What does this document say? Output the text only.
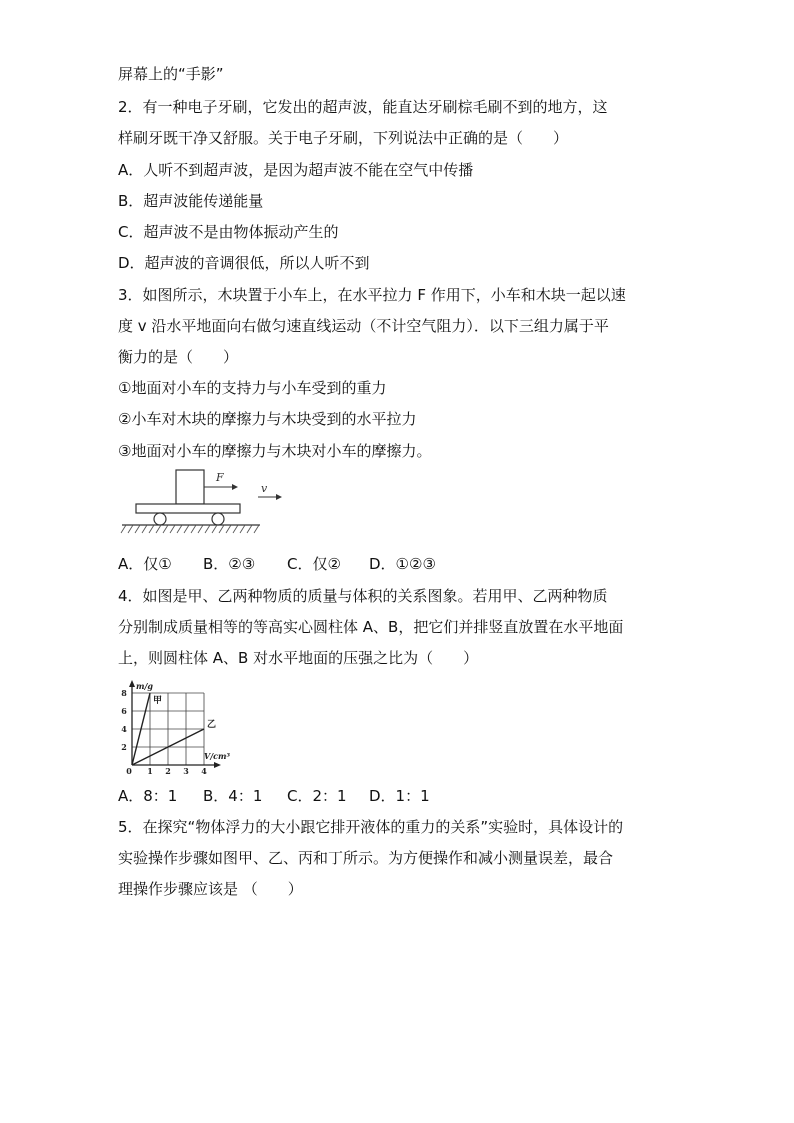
屏幕上的“手影”
2．有一种电子牙刷，它发出的超声波，能直达牙刷棕毛刷不到的地方，这
样刷牙既干净又舒服。关于电子牙刷，下列说法中正确的是（　　）
A．人听不到超声波，是因为超声波不能在空气中传播
B．超声波能传递能量
C．超声波不是由物体振动产生的
D．超声波的音调很低，所以人听不到
3．如图所示，木块置于小车上，在水平拉力 F 作用下，小车和木块一起以速
度 v 沿水平地面向右做匀速直线运动（不计空气阻力）．以下三组力属于平
衡力的是（　　）
①地面对小车的支持力与小车受到的重力
②小车对木块的摩擦力与木块受到的水平拉力
③地面对小车的摩擦力与木块对小车的摩擦力。
F
v
A．仅① B．②③ C．仅② D．①②③
4．如图是甲、乙两种物质的质量与体积的关系图象。若用甲、乙两种物质
分别制成质量相等的等高实心圆柱体 A、B，把它们并排竖直放置在水平地面
上，则圆柱体 A、B 对水平地面的压强之比为（　　）
m/g
V/cm³
8
6
4
2
0 1 2 3 4
甲
乙
A．8：1 B．4：1 C．2：1 D．1：1
5．在探究“物体浮力的大小跟它排开液体的重力的关系”实验时，具体设计的
实验操作步骤如图甲、乙、丙和丁所示。为方便操作和减小测量误差，最合
理操作步骤应该是 （　　）
